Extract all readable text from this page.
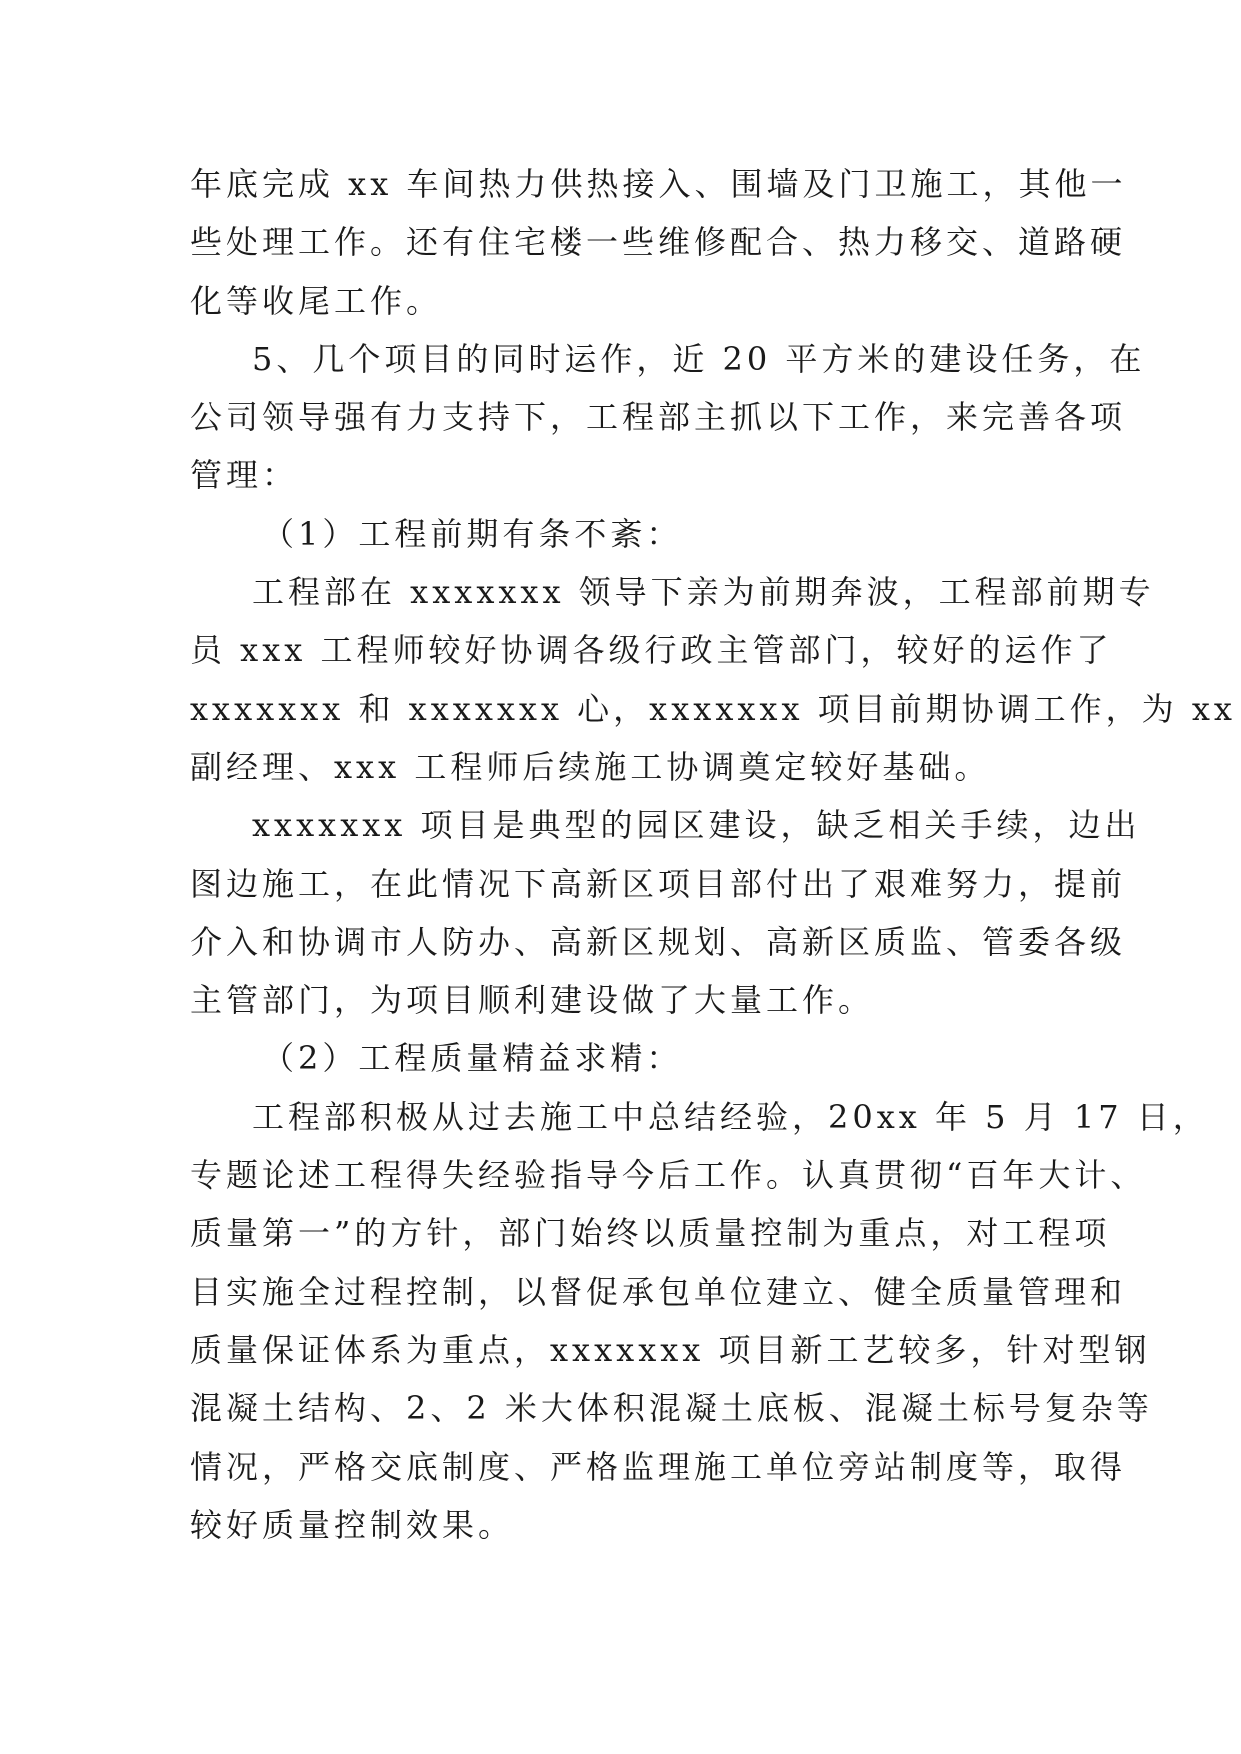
年底完成 xx 车间热力供热接入、围墙及门卫施工，其他一
些处理工作。还有住宅楼一些维修配合、热力移交、道路硬
化等收尾工作。
5、几个项目的同时运作，近 20 平方米的建设任务，在
公司领导强有力支持下，工程部主抓以下工作，来完善各项
管理：
（1）工程前期有条不紊：
工程部在 xxxxxxx 领导下亲为前期奔波，工程部前期专
员 xxx 工程师较好协调各级行政主管部门，较好的运作了
xxxxxxx 和 xxxxxxx 心，xxxxxxx 项目前期协调工作，为 xx
副经理、xxx 工程师后续施工协调奠定较好基础。
xxxxxxx 项目是典型的园区建设，缺乏相关手续，边出
图边施工，在此情况下高新区项目部付出了艰难努力，提前
介入和协调市人防办、高新区规划、高新区质监、管委各级
主管部门，为项目顺利建设做了大量工作。
（2）工程质量精益求精：
工程部积极从过去施工中总结经验，20xx 年 5 月 17 日，
专题论述工程得失经验指导今后工作。认真贯彻“百年大计、
质量第一”的方针，部门始终以质量控制为重点，对工程项
目实施全过程控制，以督促承包单位建立、健全质量管理和
质量保证体系为重点，xxxxxxx 项目新工艺较多，针对型钢
混凝土结构、2、2 米大体积混凝土底板、混凝土标号复杂等
情况，严格交底制度、严格监理施工单位旁站制度等，取得
较好质量控制效果。
